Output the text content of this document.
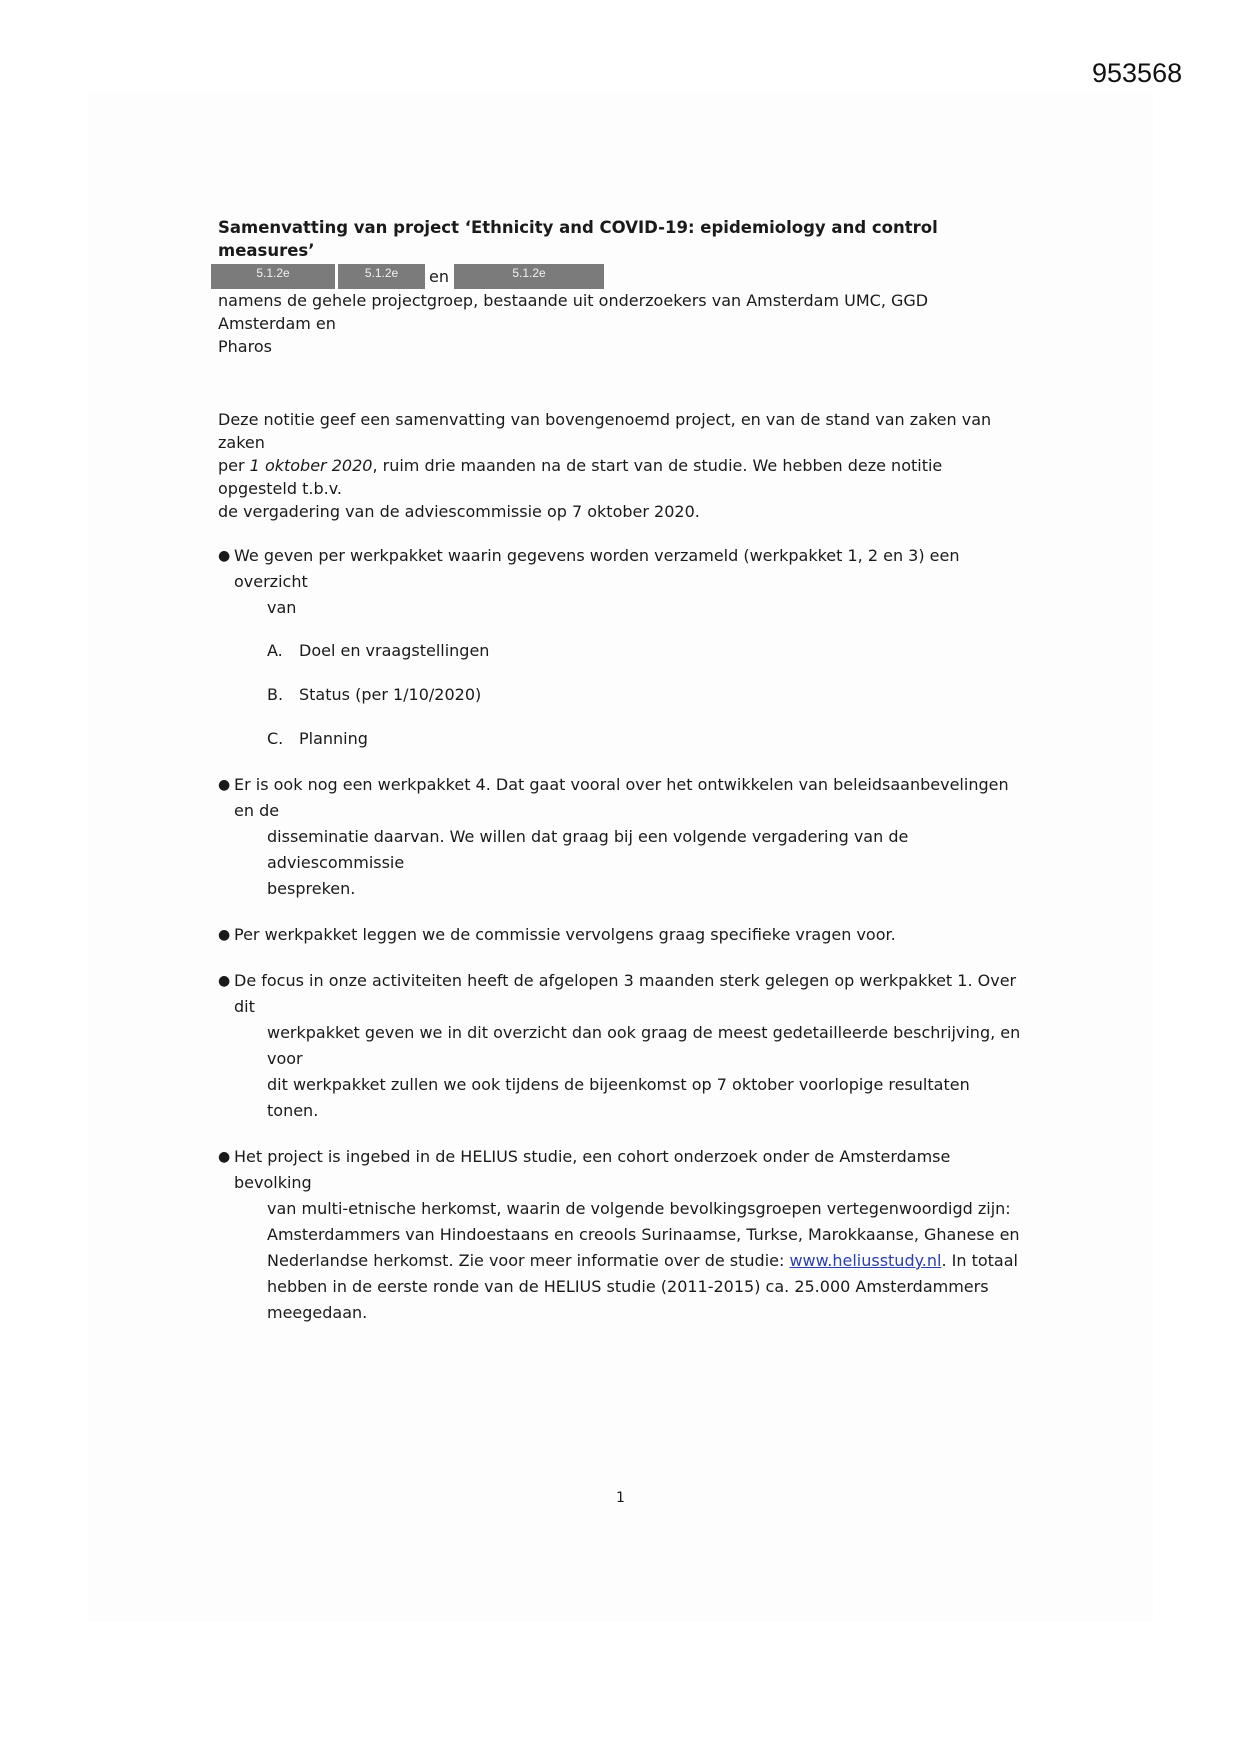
953568

Samenvatting van project ‘Ethnicity and COVID-19: epidemiology and control measures’

5.1.2e	5.1.2e en	5.1.2e

namens de gehele projectgroep, bestaande uit onderzoekers van Amsterdam UMC, GGD Amsterdam en
Pharos

Deze notitie geef een samenvatting van bovengenoemd project, en van de stand van zaken van zaken
per 1 oktober 2020, ruim drie maanden na de start van de studie. We hebben deze notitie opgesteld t.b.v.
de vergadering van de adviescommissie op 7 oktober 2020.

● We geven per werkpakket waarin gegevens worden verzameld (werkpakket 1, 2 en 3) een overzicht
van
A.	Doel en vraagstellingen
B. Status (per 1/10/2020)
C. Planning
● Er is ook nog een werkpakket 4. Dat gaat vooral over het ontwikkelen van beleidsaanbevelingen en de
disseminatie daarvan. We willen dat graag bij een volgende vergadering van de adviescommissie
bespreken.
● Per werkpakket leggen we de commissie vervolgens graag specifieke vragen voor.
● De focus in onze activiteiten heeft de afgelopen 3 maanden sterk gelegen op werkpakket 1. Over dit
werkpakket geven we in dit overzicht dan ook graag de meest gedetailleerde beschrijving, en voor
dit werkpakket zullen we ook tijdens de bijeenkomst op 7 oktober voorlopige resultaten tonen.
● Het project is ingebed in de HELIUS studie, een cohort onderzoek onder de Amsterdamse bevolking
van multi-etnische herkomst, waarin de volgende bevolkingsgroepen vertegenwoordigd zijn:
Amsterdammers van Hindoestaans en creools Surinaamse, Turkse, Marokkaanse, Ghanese en
Nederlandse herkomst. Zie voor meer informatie over de studie: www.heliusstudy.nl. In totaal
hebben in de eerste ronde van de HELIUS studie (2011-2015) ca. 25.000 Amsterdammers
meegedaan.
1
